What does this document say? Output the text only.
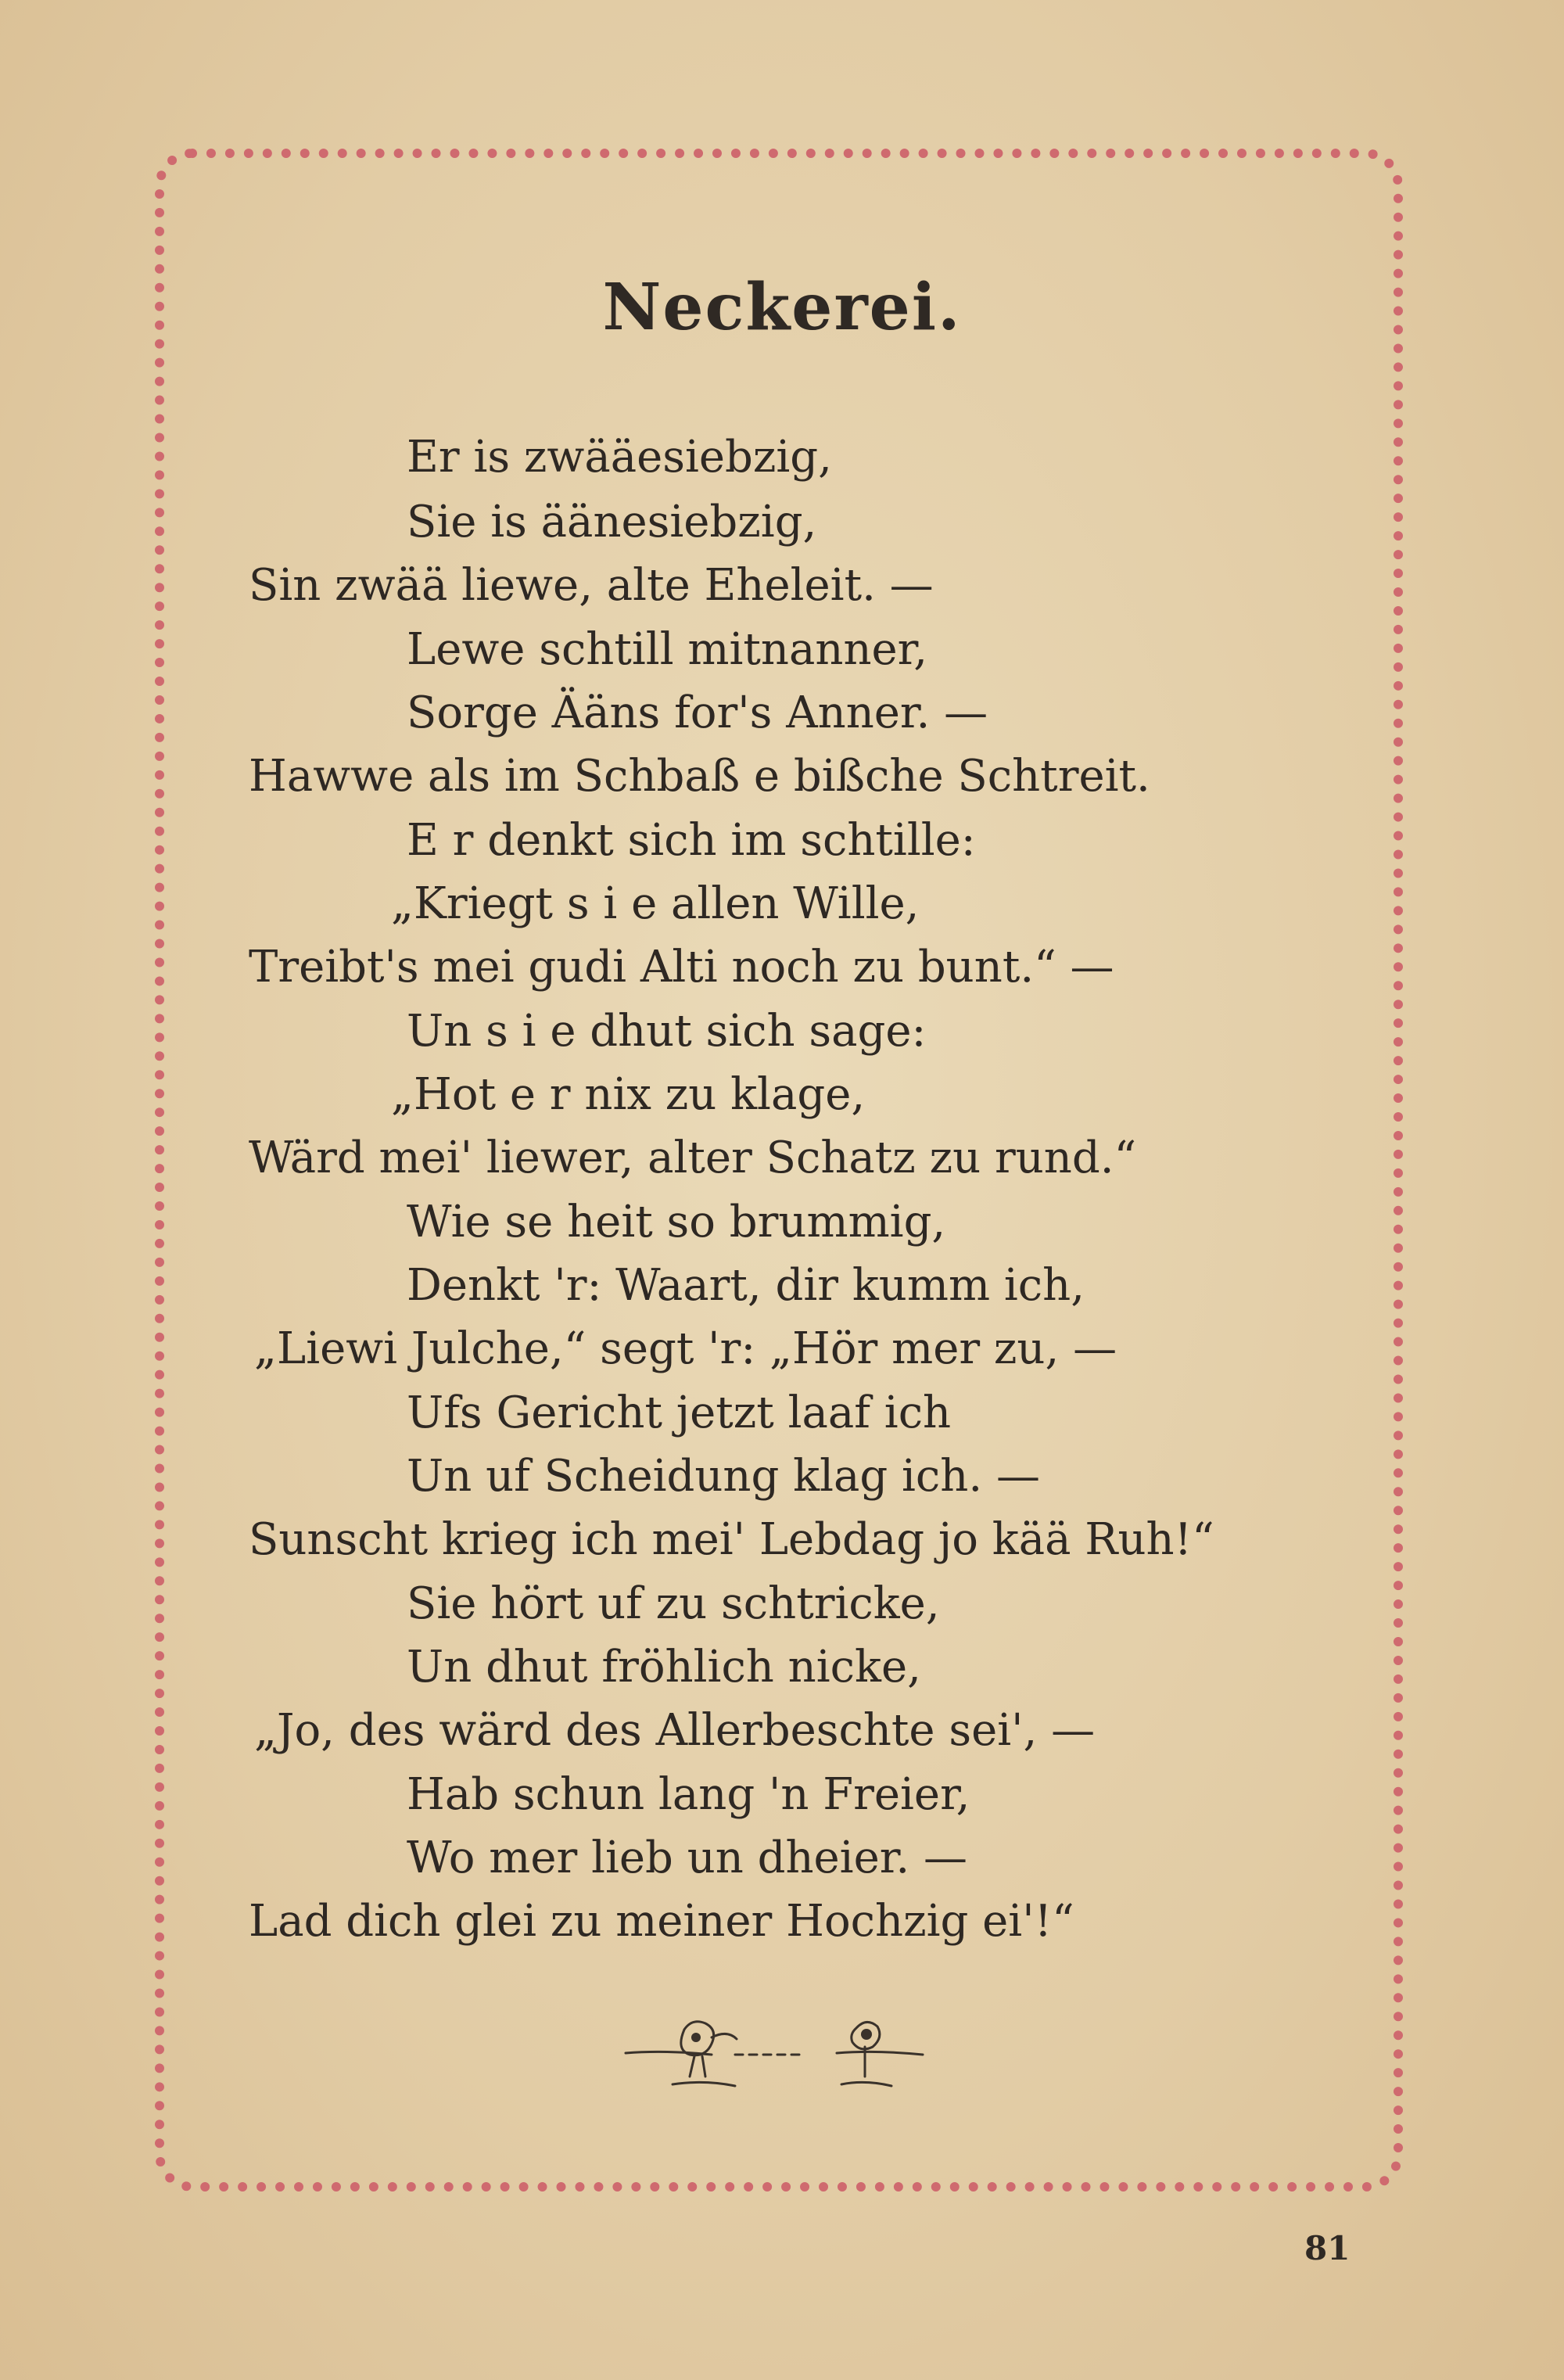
Neckerei.
Er is zwääesiebzig,
Sie is äänesiebzig,
Sin zwää liewe, alte Eheleit. —
Lewe schtill mitnanner,
Sorge Ääns for's Anner. —
Hawwe als im Schbaß e bißche Schtreit.
E r denkt sich im schtille:
„Kriegt s i e allen Wille,
Treibt's mei gudi Alti noch zu bunt.“ —
Un s i e dhut sich sage:
„Hot e r nix zu klage,
Wärd mei' liewer, alter Schatz zu rund.“
Wie se heit so brummig,
Denkt 'r: Waart, dir kumm ich,
„Liewi Julche,“ segt 'r: „Hör mer zu, —
Ufs Gericht jetzt laaf ich
Un uf Scheidung klag ich. —
Sunscht krieg ich mei' Lebdag jo kää Ruh!“
Sie hört uf zu schtricke,
Un dhut fröhlich nicke,
„Jo, des wärd des Allerbeschte sei', —
Hab schun lang 'n Freier,
Wo mer lieb un dheier. —
Lad dich glei zu meiner Hochzig ei'!“
81
